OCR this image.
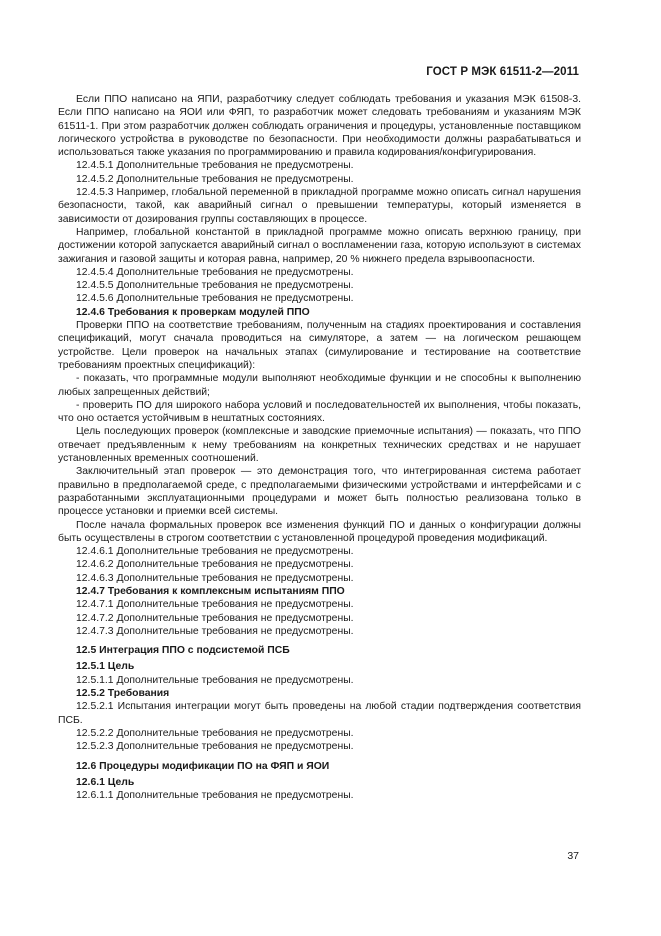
ГОСТ Р МЭК 61511-2—2011

Если ППО написано на ЯПИ, разработчику следует соблюдать требования и указания МЭК 61508-3. Если ППО написано на ЯОИ или ФЯП, то разработчик может следовать требованиям и указаниям МЭК 61511-1. При этом разработчик должен соблюдать ограничения и процедуры, установленные поставщиком логического устройства в руководстве по безопасности. При необходимости должны разрабатываться и использоваться также указания по программированию и правила кодирования/конфигурирования.

12.4.5.1 Дополнительные требования не предусмотрены.

12.4.5.2 Дополнительные требования не предусмотрены.

12.4.5.3 Например, глобальной переменной в прикладной программе можно описать сигнал нарушения безопасности, такой, как аварийный сигнал о превышении температуры, который изменяется в зависимости от дозирования группы составляющих в процессе.

Например, глобальной константой в прикладной программе можно описать верхнюю границу, при достижении которой запускается аварийный сигнал о воспламенении газа, которую используют в системах зажигания и газовой защиты и которая равна, например, 20 % нижнего предела взрывоопасности.

12.4.5.4 Дополнительные требования не предусмотрены.

12.4.5.5 Дополнительные требования не предусмотрены.

12.4.5.6 Дополнительные требования не предусмотрены.

12.4.6 Требования к проверкам модулей ППО

Проверки ППО на соответствие требованиям, полученным на стадиях проектирования и составления спецификаций, могут сначала проводиться на симуляторе, а затем — на логическом решающем устройстве. Цели проверок на начальных этапах (симулирование и тестирование на соответствие требованиям проектных спецификаций):

- показать, что программные модули выполняют необходимые функции и не способны к выполнению любых запрещенных действий;

- проверить ПО для широкого набора условий и последовательностей их выполнения, чтобы показать, что оно остается устойчивым в нештатных состояниях.

Цель последующих проверок (комплексные и заводские приемочные испытания) — показать, что ППО отвечает предъявленным к нему требованиям на конкретных технических средствах и не нарушает установленных временных соотношений.

Заключительный этап проверок — это демонстрация того, что интегрированная система работает правильно в предполагаемой среде, с предполагаемыми физическими устройствами и интерфейсами и с разработанными эксплуатационными процедурами и может быть полностью реализована только в процессе установки и приемки всей системы.

После начала формальных проверок все изменения функций ПО и данных о конфигурации должны быть осуществлены в строгом соответствии с установленной процедурой проведения модификаций.

12.4.6.1 Дополнительные требования не предусмотрены.

12.4.6.2 Дополнительные требования не предусмотрены.

12.4.6.3 Дополнительные требования не предусмотрены.

12.4.7 Требования к комплексным испытаниям ППО

12.4.7.1 Дополнительные требования не предусмотрены.

12.4.7.2 Дополнительные требования не предусмотрены.

12.4.7.3 Дополнительные требования не предусмотрены.

12.5 Интеграция ППО с подсистемой ПСБ

12.5.1 Цель

12.5.1.1 Дополнительные требования не предусмотрены.

12.5.2 Требования

12.5.2.1 Испытания интеграции могут быть проведены на любой стадии подтверждения соответствия ПСБ.

12.5.2.2 Дополнительные требования не предусмотрены.

12.5.2.3 Дополнительные требования не предусмотрены.

12.6 Процедуры модификации ПО на ФЯП и ЯОИ

12.6.1 Цель

12.6.1.1 Дополнительные требования не предусмотрены.

37
